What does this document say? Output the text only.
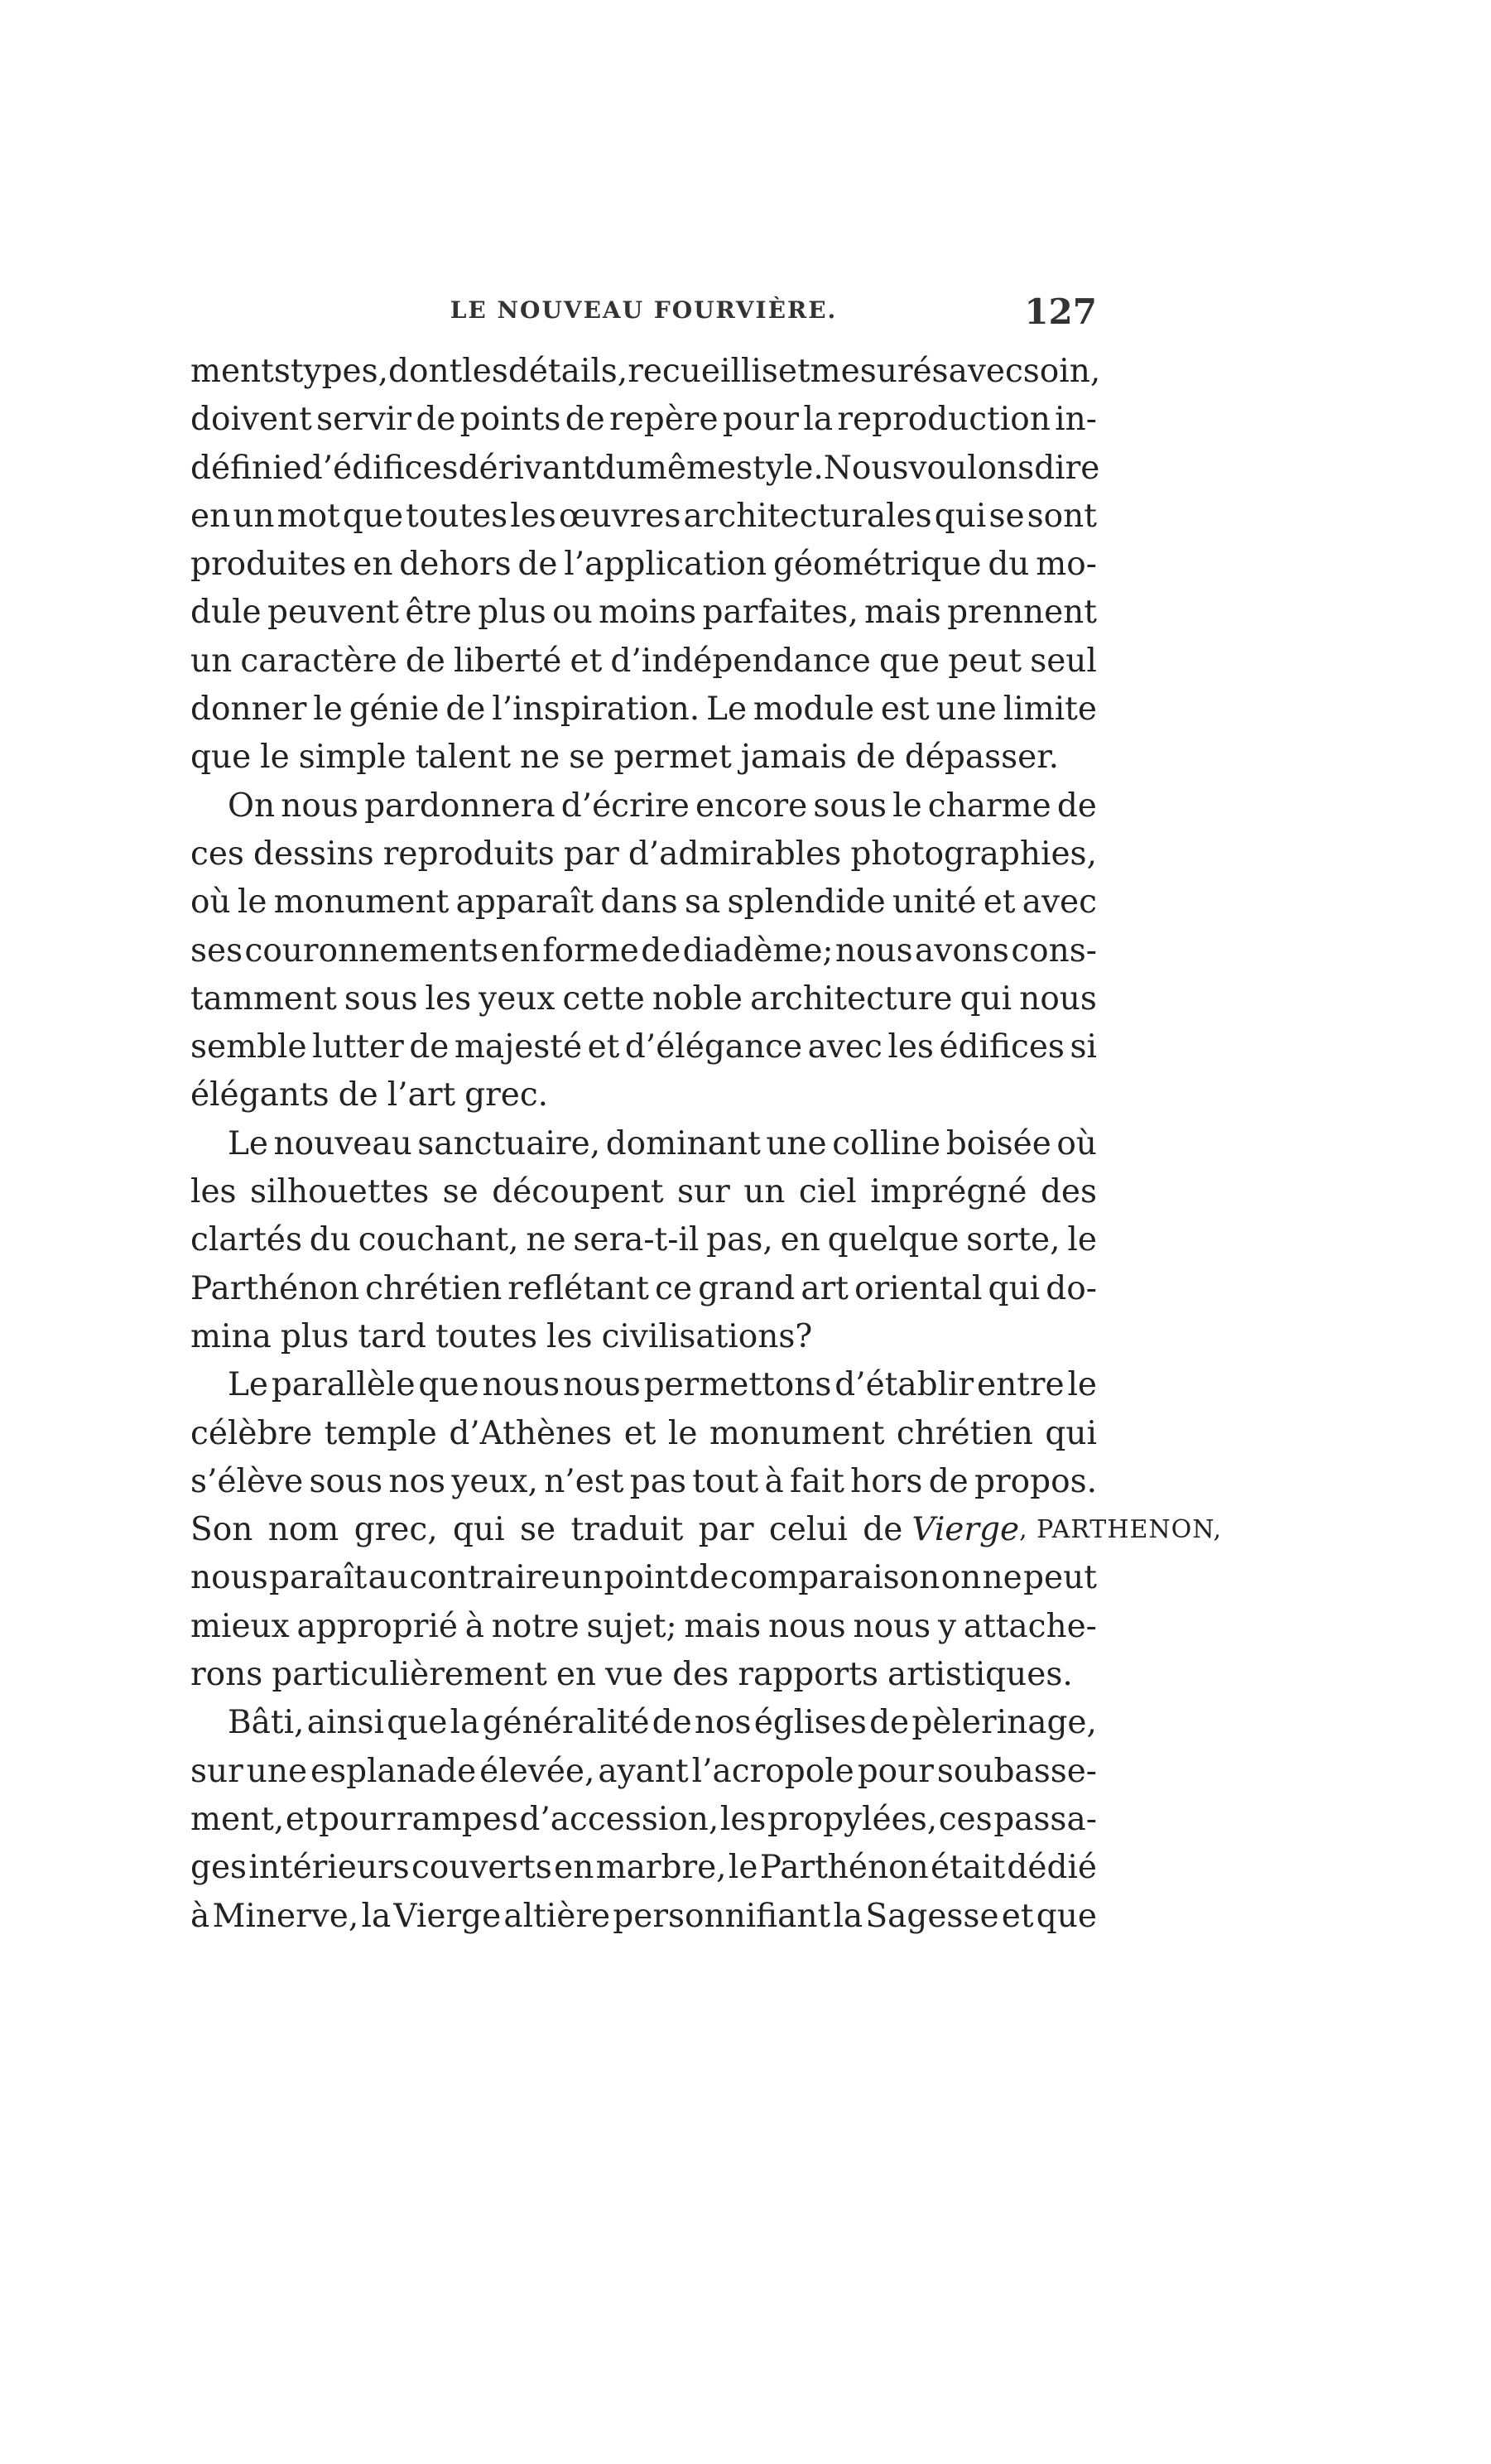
LE NOUVEAU FOURVIÈRE.	127
ments types, dont les détails, recueillis et mesurés avec soin,
doivent servir de points de repère pour la reproduction in-
définie d’édifices dérivant du même style. Nous voulons dire
en un mot que toutes les œuvres architecturales qui se sont
produites en dehors de l’application géométrique du mo-
dule peuvent être plus ou moins parfaites, mais prennent
un caractère de liberté et d’indépendance que peut seul
donner le génie de l’inspiration. Le module est une limite
que le simple talent ne se permet jamais de dépasser.
On nous pardonnera d’écrire encore sous le charme de
ces dessins reproduits par d’admirables photographies,
où le monument apparaît dans sa splendide unité et avec
ses couronnements en forme de diadème; nous avons cons-
tamment sous les yeux cette noble architecture qui nous
semble lutter de majesté et d’élégance avec les édifices si
élégants de l’art grec.
Le nouveau sanctuaire, dominant une colline boisée où
les silhouettes se découpent sur un ciel imprégné des
clartés du couchant, ne sera-t-il pas, en quelque sorte, le
Parthénon chrétien reflétant ce grand art oriental qui do-
mina plus tard toutes les civilisations?
Le parallèle que nous nous permettons d’établir entre le
célèbre temple d’Athènes et le monument chrétien qui
s’élève sous nos yeux, n’est pas tout à fait hors de propos.
Son nom grec, qui se traduit par celui de Vierge , PARTHENON,
nous paraît au contraire un point de comparaison on ne peut
mieux approprié à notre sujet; mais nous nous y attache-
rons particulièrement en vue des rapports artistiques.
Bâti, ainsi que la généralité de nos églises de pèlerinage,
sur une esplanade élevée, ayant l’acropole pour soubasse-
ment, et pour rampes d’accession, les propylées, ces passa-
ges intérieurs couverts en marbre, le Parthénon était dédié
à Minerve, la Vierge altière personnifiant la Sagesse et que
